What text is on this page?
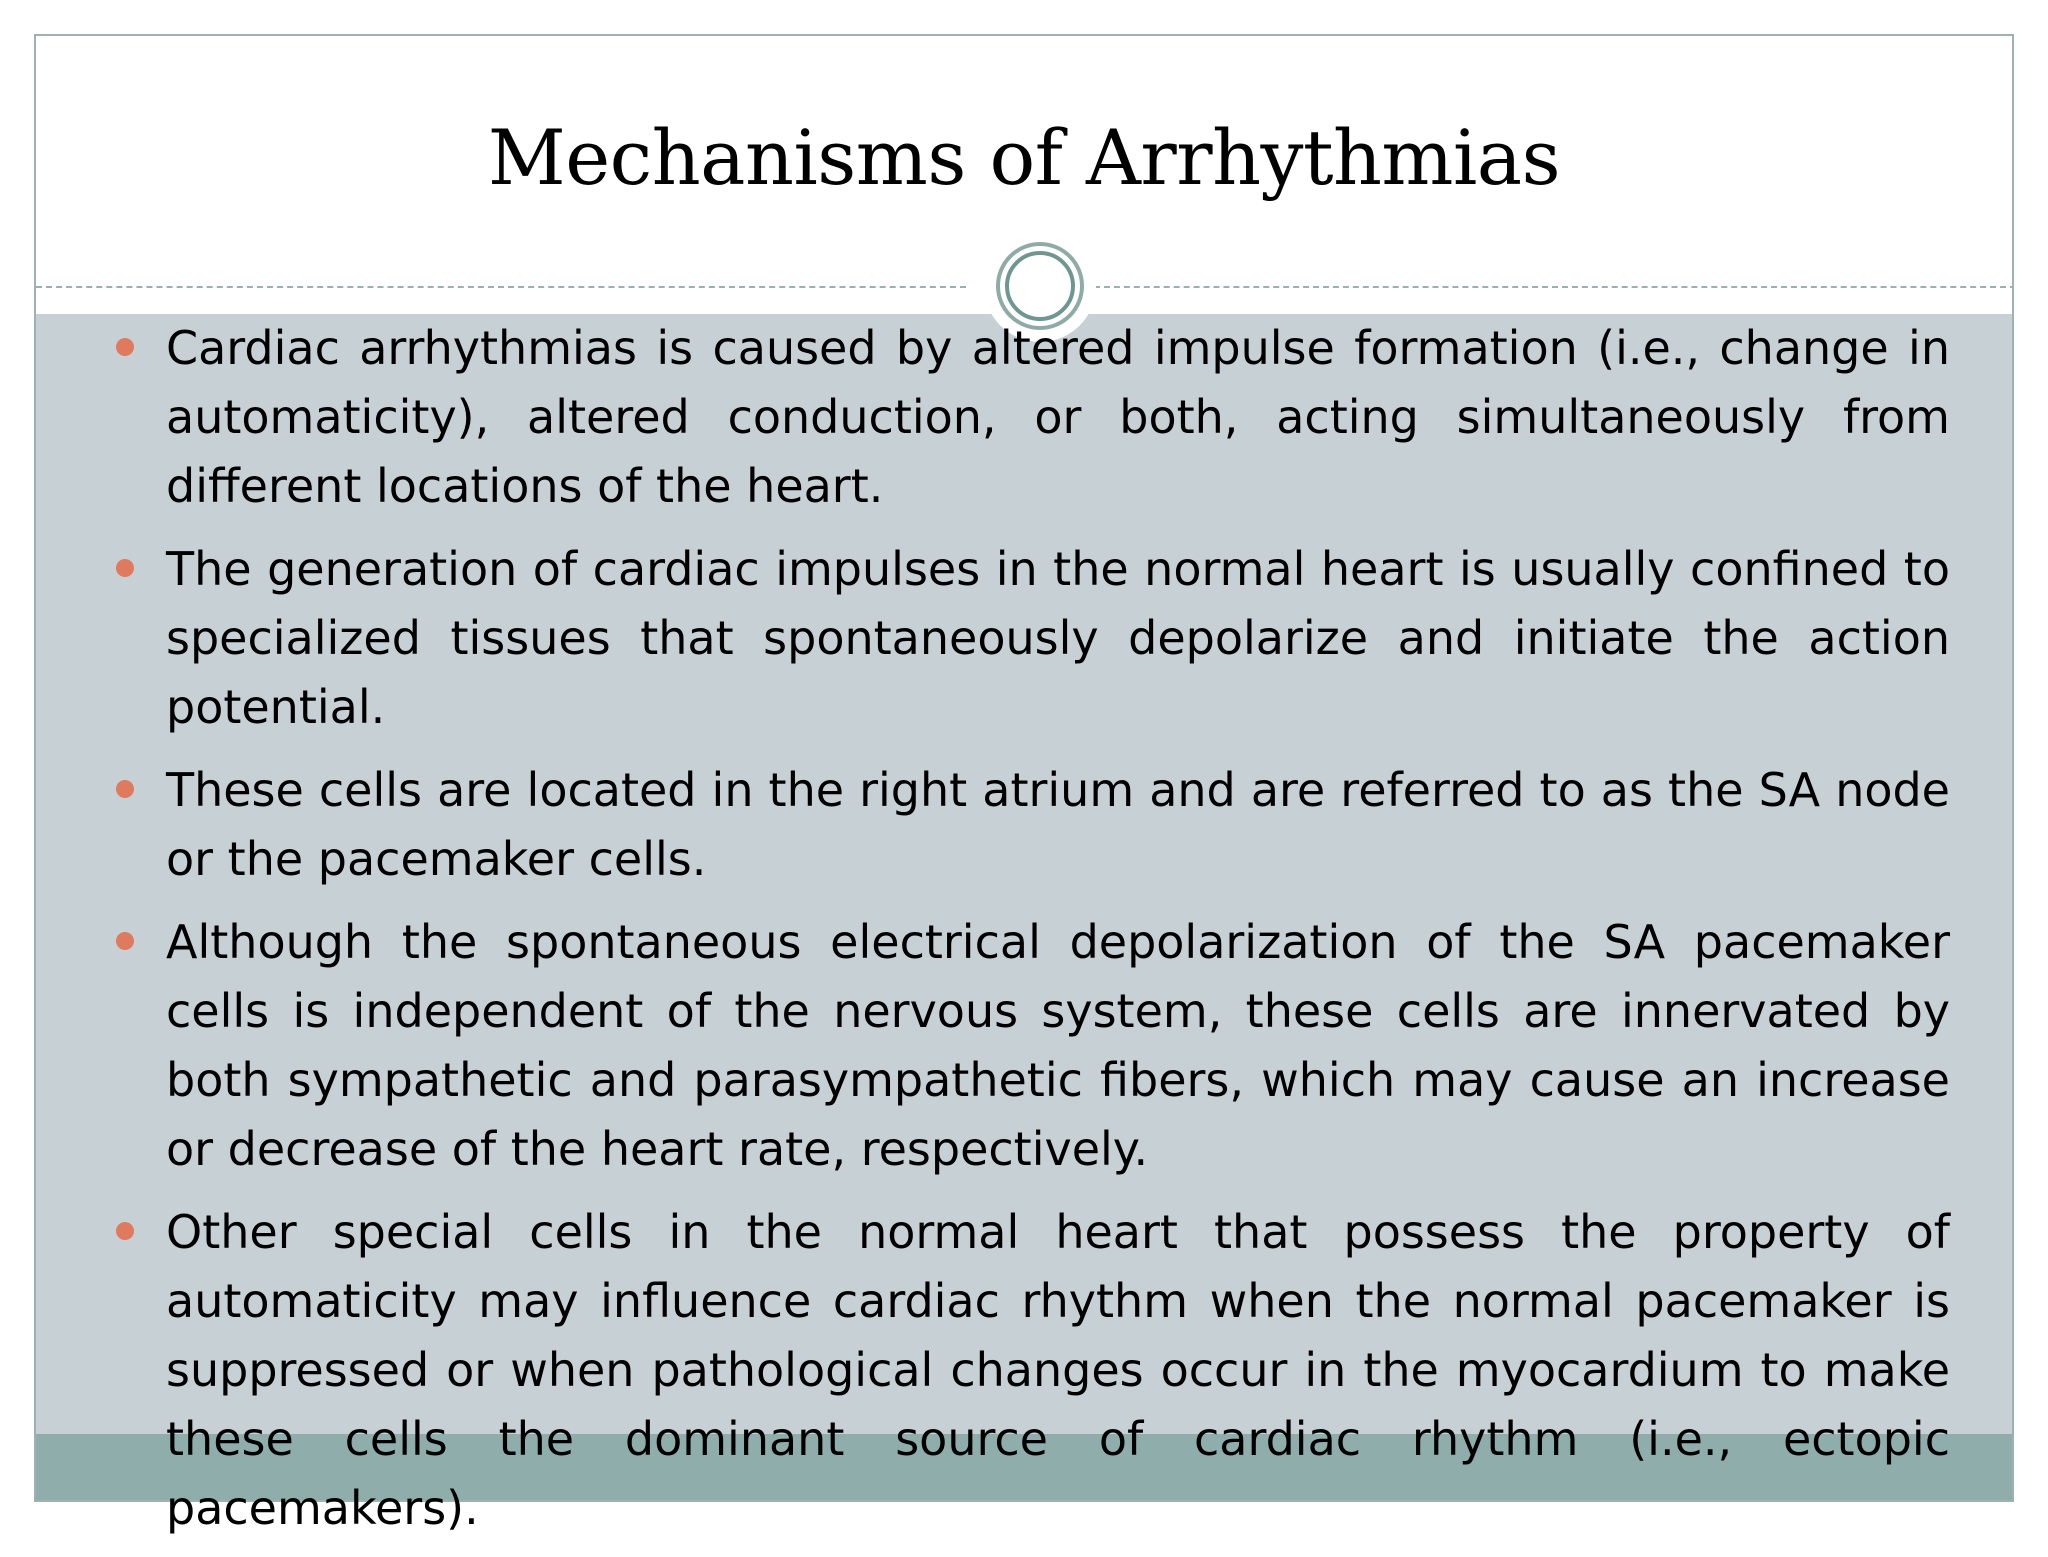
Mechanisms of Arrhythmias
Cardiac arrhythmias is caused by altered impulse formation (i.e., change in automaticity), altered conduction, or both, acting simultaneously from different locations of the heart.
The generation of cardiac impulses in the normal heart is usually confined to specialized tissues that spontaneously depolarize and initiate the action potential.
These cells are located in the right atrium and are referred to as the SA node or the pacemaker cells.
Although the spontaneous electrical depolarization of the SA pacemaker cells is independent of the nervous system, these cells are innervated by both sympathetic and parasympathetic fibers, which may cause an increase or decrease of the heart rate, respectively.
Other special cells in the normal heart that possess the property of automaticity may influence cardiac rhythm when the normal pacemaker is suppressed or when pathological changes occur in the myocardium to make these cells the dominant source of cardiac rhythm (i.e., ectopic pacemakers).
